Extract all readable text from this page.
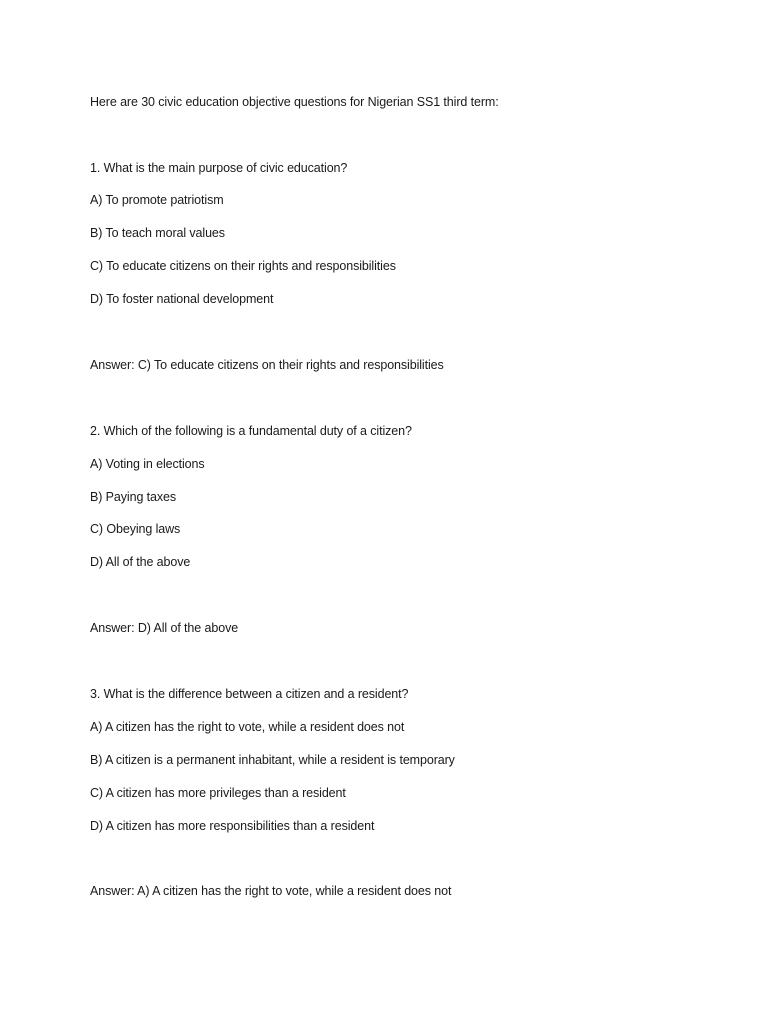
Here are 30 civic education objective questions for Nigerian SS1 third term:
1. What is the main purpose of civic education?
A) To promote patriotism
B) To teach moral values
C) To educate citizens on their rights and responsibilities
D) To foster national development
Answer: C) To educate citizens on their rights and responsibilities
2. Which of the following is a fundamental duty of a citizen?
A) Voting in elections
B) Paying taxes
C) Obeying laws
D) All of the above
Answer: D) All of the above
3. What is the difference between a citizen and a resident?
A) A citizen has the right to vote, while a resident does not
B) A citizen is a permanent inhabitant, while a resident is temporary
C) A citizen has more privileges than a resident
D) A citizen has more responsibilities than a resident
Answer: A) A citizen has the right to vote, while a resident does not
